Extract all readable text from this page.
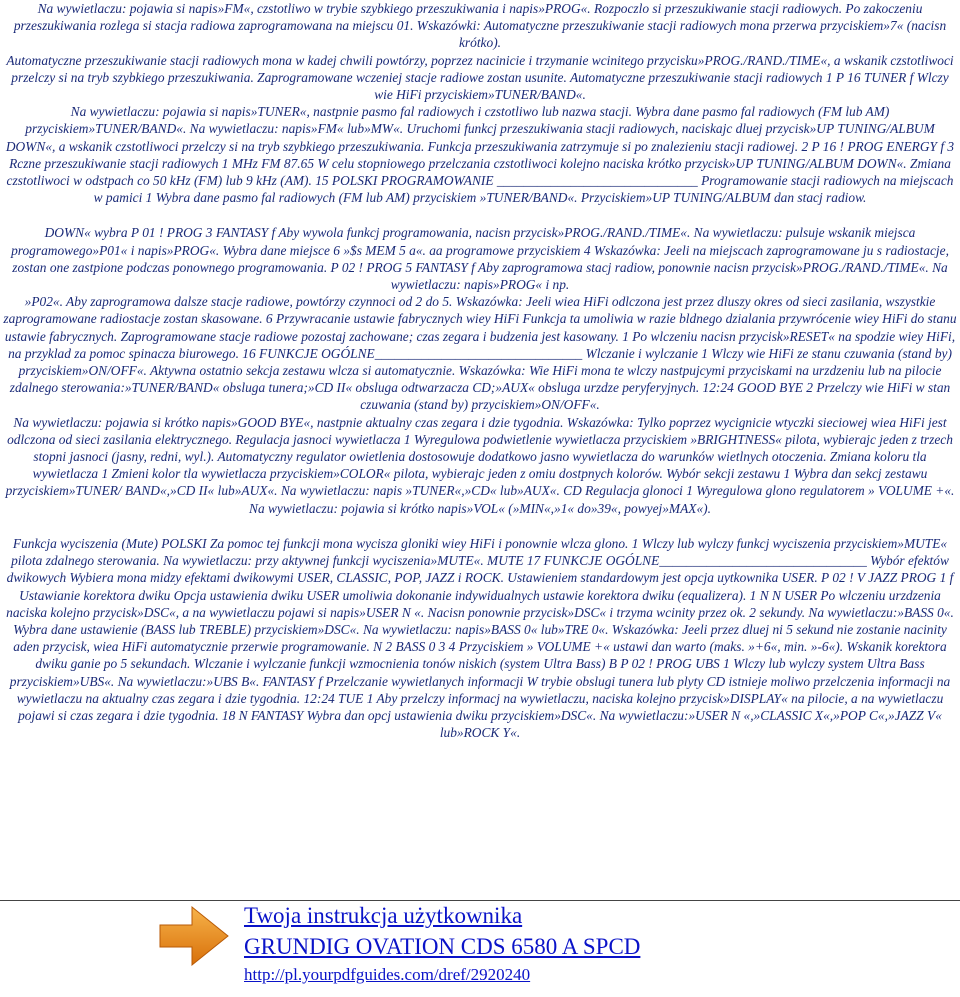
Na wywietlaczu: pojawia si napis»FM«, czstotliwo w trybie szybkiego przeszukiwania i napis»PROG«. Rozpoczlo si przeszukiwanie stacji radiowych. Po zakoczeniu przeszukiwania rozlega si stacja radiowa zaprogramowana na miejscu 01. Wskazówki: Automatyczne przeszukiwanie stacji radiowych mona przerwa przyciskiem»7« (nacisn krótko).

Automatyczne przeszukiwanie stacji radiowych mona w kadej chwili powtórzy, poprzez nacinicie i trzymanie wcinitego przycisku»PROG./RAND./TIME«, a wskanik czstotliwoci przelczy si na tryb szybkiego przeszukiwania. Zaprogramowane wczeniej stacje radiowe zostan usunite. Automatyczne przeszukiwanie stacji radiowych 1 P 16 TUNER f Wlczy wie HiFi przyciskiem»TUNER/BAND«.

Na wywietlaczu: pojawia si napis»TUNER«, nastpnie pasmo fal radiowych i czstotliwo lub nazwa stacji. Wybra dane pasmo fal radiowych (FM lub AM) przyciskiem»TUNER/BAND«. Na wywietlaczu: napis»FM« lub»MW«. Uruchomi funkcj przeszukiwania stacji radiowych, naciskajc dluej przycisk»UP TUNING/ALBUM DOWN«, a wskanik czstotliwoci przelczy si na tryb szybkiego przeszukiwania. Funkcja przeszukiwania zatrzymuje si po znalezieniu stacji radiowej. 2 P 16 ! PROG ENERGY f 3 Rczne przeszukiwanie stacji radiowych 1 MHz FM 87.65 W celu stopniowego przelczania czstotliwoci kolejno naciska krótko przycisk»UP TUNING/ALBUM DOWN«. Zmiana czstotliwoci w odstpach co 50 kHz (FM) lub 9 kHz (AM). 15 POLSKI PROGRAMOWANIE ______________________________ Programowanie stacji radiowych na miejscach w pamici 1 Wybra dane pasmo fal radiowych (FM lub AM) przyciskiem »TUNER/BAND«. Przyciskiem»UP TUNING/ALBUM dan stacj radiow.

DOWN« wybra P 01 ! PROG 3 FANTASY f Aby wywola funkcj programowania, nacisn przycisk»PROG./RAND./TIME«. Na wywietlaczu: pulsuje wskanik miejsca programowego»P01« i napis»PROG«. Wybra dane miejsce 6 »$s MEM 5 a«. aa programowe przyciskiem 4 Wskazówka: Jeeli na miejscach zaprogramowane ju s radiostacje, zostan one zastpione podczas ponownego programowania. P 02 ! PROG 5 FANTASY f Aby zaprogramowa stacj radiow, ponownie nacisn przycisk»PROG./RAND./TIME«. Na wywietlaczu: napis»PROG« i np.

»P02«. Aby zaprogramowa dalsze stacje radiowe, powtórzy czynnoci od 2 do 5. Wskazówka: Jeeli wiea HiFi odlczona jest przez dluszy okres od sieci zasilania, wszystkie zaprogramowane radiostacje zostan skasowane. 6 Przywracanie ustawie fabrycznych wiey HiFi Funkcja ta umoliwia w razie bldnego dzialania przywrócenie wiey HiFi do stanu ustawie fabrycznych. Zaprogramowane stacje radiowe pozostaj zachowane; czas zegara i budzenia jest kasowany. 1 Po wlczeniu nacisn przycisk»RESET« na spodzie wiey HiFi, na przyklad za pomoc spinacza biurowego. 16 FUNKCJE OGÓLNE_______________________________ Wlczanie i wylczanie 1 Wlczy wie HiFi ze stanu czuwania (stand by) przyciskiem»ON/OFF«. Aktywna ostatnio sekcja zestawu wlcza si automatycznie. Wskazówka: Wie HiFi mona te wlczy nastpujcymi przyciskami na urzdzeniu lub na pilocie zdalnego sterowania:»TUNER/BAND« obsluga tunera;»CD II« obsluga odtwarzacza CD;»AUX« obsluga urzdze peryferyjnych. 12:24 GOOD BYE 2 Przelczy wie HiFi w stan czuwania (stand by) przyciskiem»ON/OFF«.

Na wywietlaczu: pojawia si krótko napis»GOOD BYE«, nastpnie aktualny czas zegara i dzie tygodnia. Wskazówka: Tylko poprzez wycignicie wtyczki sieciowej wiea HiFi jest odlczona od sieci zasilania elektrycznego. Regulacja jasnoci wywietlacza 1 Wyregulowa podwietlenie wywietlacza przyciskiem »BRIGHTNESS« pilota, wybierajc jeden z trzech stopni jasnoci (jasny, redni, wyl.). Automatyczny regulator owietlenia dostosowuje dodatkowo jasno wywietlacza do warunków wietlnych otoczenia. Zmiana koloru tla wywietlacza 1 Zmieni kolor tla wywietlacza przyciskiem»COLOR« pilota, wybierajc jeden z omiu dostpnych kolorów. Wybór sekcji zestawu 1 Wybra dan sekcj zestawu przyciskiem»TUNER/ BAND«,»CD II« lub»AUX«. Na wywietlaczu: napis »TUNER«,»CD« lub»AUX«. CD Regulacja glonoci 1 Wyregulowa glono regulatorem » VOLUME +«. Na wywietlaczu: pojawia si krótko napis»VOL« (»MIN«,»1« do»39«, powyej»MAX«).

Funkcja wyciszenia (Mute) POLSKI Za pomoc tej funkcji mona wycisza gloniki wiey HiFi i ponownie wlcza glono. 1 Wlczy lub wylczy funkcj wyciszenia przyciskiem»MUTE« pilota zdalnego sterowania. Na wywietlaczu: przy aktywnej funkcji wyciszenia»MUTE«. MUTE 17 FUNKCJE OGÓLNE_______________________________ Wybór efektów dwikowych Wybiera mona midzy efektami dwikowymi USER, CLASSIC, POP, JAZZ i ROCK. Ustawieniem standardowym jest opcja uytkownika USER. P 02 ! V JAZZ PROG 1 f Ustawianie korektora dwiku Opcja ustawienia dwiku USER umoliwia dokonanie indywidualnych ustawie korektora dwiku (equalizera). 1 N N USER Po wlczeniu urzdzenia naciska kolejno przycisk»DSC«, a na wywietlaczu pojawi si napis»USER N «. Nacisn ponownie przycisk»DSC« i trzyma wcinity przez ok. 2 sekundy. Na wywietlaczu:»BASS 0«. Wybra dane ustawienie (BASS lub TREBLE) przyciskiem»DSC«. Na wywietlaczu: napis»BASS 0« lub»TRE 0«. Wskazówka: Jeeli przez dluej ni 5 sekund nie zostanie nacinity aden przycisk, wiea HiFi automatycznie przerwie programowanie. N 2 BASS 0 3 4 Przyciskiem » VOLUME +« ustawi dan warto (maks. »+6«, min. »-6«). Wskanik korektora dwiku ganie po 5 sekundach. Wlczanie i wylczanie funkcji wzmocnienia tonów niskich (system Ultra Bass) B P 02 ! PROG UBS 1 Wlczy lub wylczy system Ultra Bass przyciskiem»UBS«. Na wywietlaczu:»UBS B«. FANTASY f Przelczanie wywietlanych informacji W trybie obslugi tunera lub plyty CD istnieje moliwo przelczenia informacji na wywietlaczu na aktualny czas zegara i dzie tygodnia. 12:24 TUE 1 Aby przelczy informacj na wywietlaczu, naciska kolejno przycisk»DISPLAY« na pilocie, a na wywietlaczu pojawi si czas zegara i dzie tygodnia. 18 N FANTASY Wybra dan opcj ustawienia dwiku przyciskiem»DSC«. Na wywietlaczu:»USER N «,»CLASSIC X«,»POP C«,»JAZZ V« lub»ROCK Y«.

Twoja instrukcja użytkownika
GRUNDIG OVATION CDS 6580 A SPCD
http://pl.yourpdfguides.com/dref/2920240
